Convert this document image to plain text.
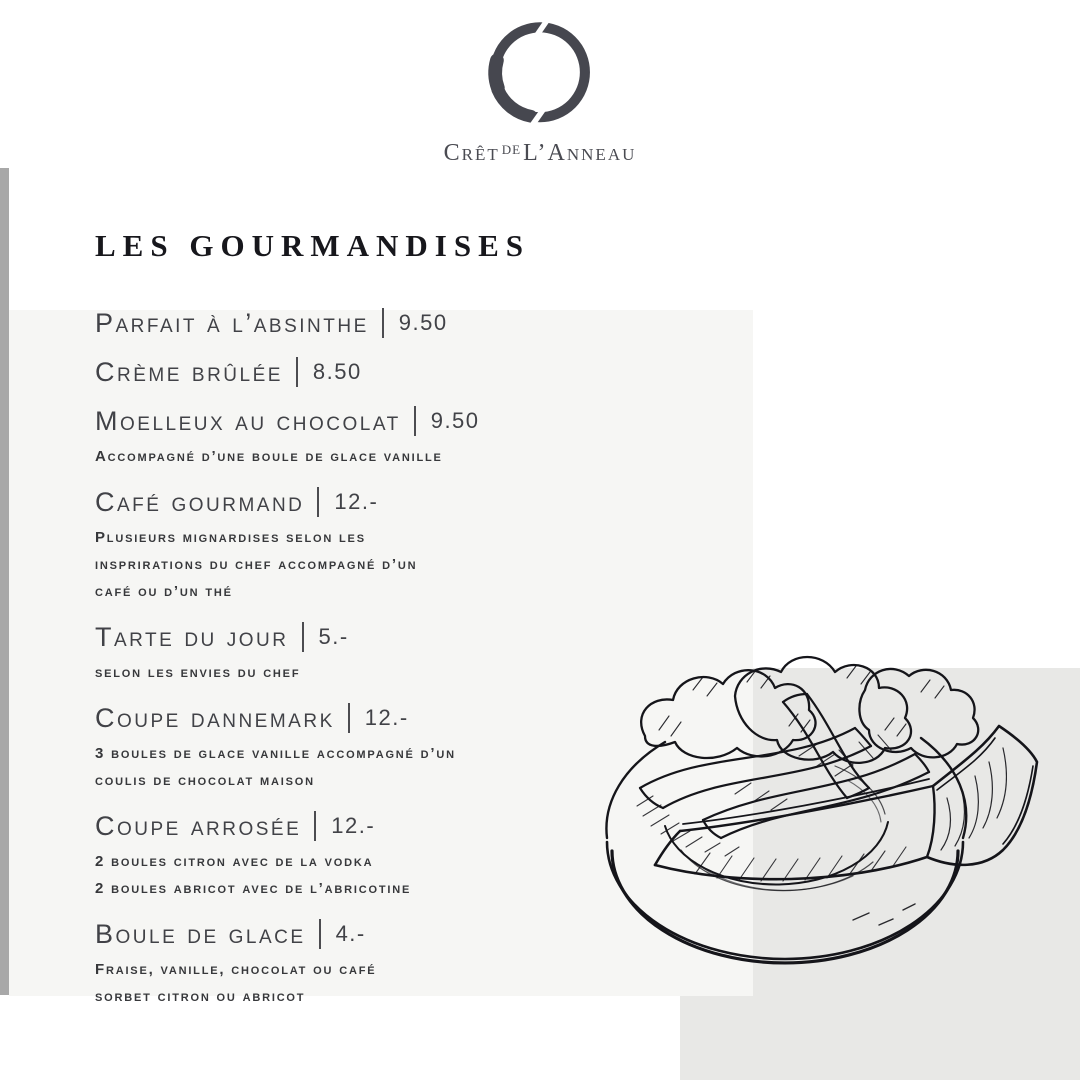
Crêt $^{DE}$L’Anneau
LES GOURMANDISES
Parfait à l’absinthe 9.50
Crème brûlée 8.50
Moelleux au chocolat 9.50
Accompagné d’une boule de glace vanille
Café gourmand 12.-
Plusieurs mignardises selon les
insprirations du chef accompagné d’un
café ou d’un thé
Tarte du jour 5.-
selon les envies du chef
Coupe dannemark 12.-
3 boules de glace vanille accompagné d’un
coulis de chocolat maison
Coupe arrosée 12.-
2 boules citron avec de la vodka
2 boules abricot avec de l’abricotine
Boule de glace 4.-
Fraise, vanille, chocolat ou café
sorbet citron ou abricot
